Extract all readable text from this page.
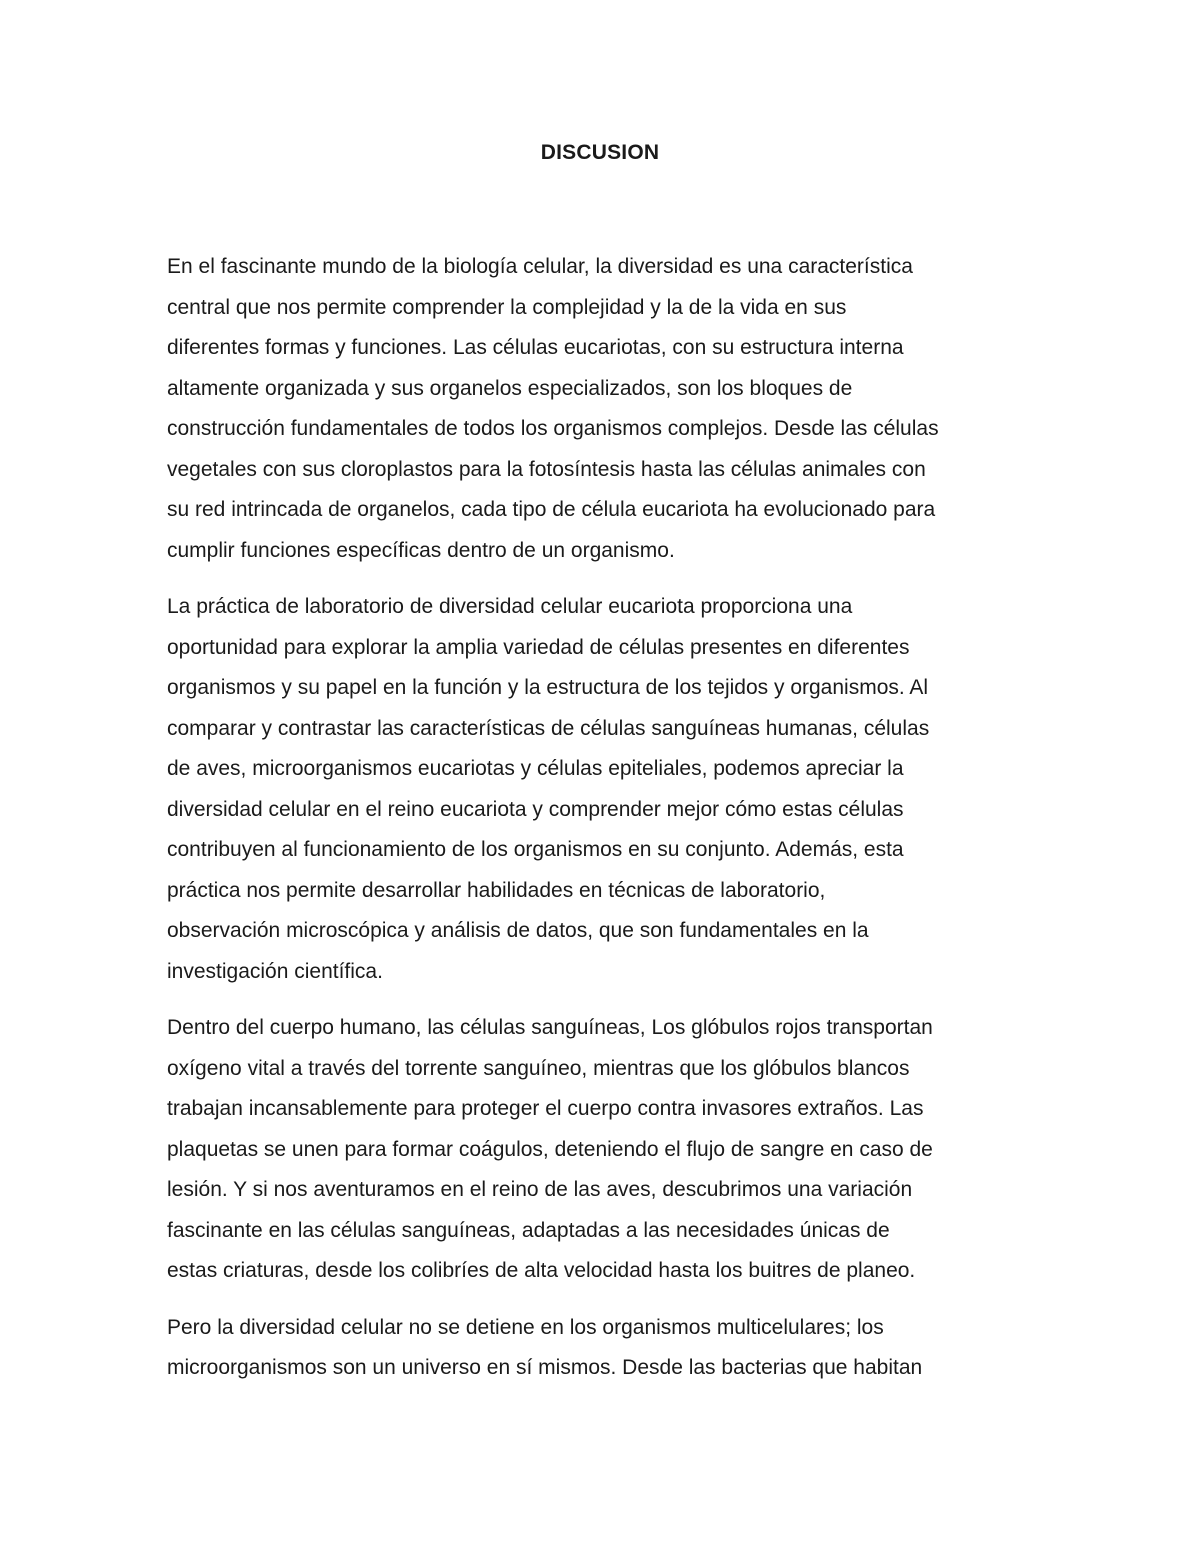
DISCUSION
En el fascinante mundo de la biología celular, la diversidad es una característica
central que nos permite comprender la complejidad y la de la vida en sus
diferentes formas y funciones. Las células eucariotas, con su estructura interna
altamente organizada y sus organelos especializados, son los bloques de
construcción fundamentales de todos los organismos complejos. Desde las células
vegetales con sus cloroplastos para la fotosíntesis hasta las células animales con
su red intrincada de organelos, cada tipo de célula eucariota ha evolucionado para
cumplir funciones específicas dentro de un organismo.
La práctica de laboratorio de diversidad celular eucariota proporciona una
oportunidad para explorar la amplia variedad de células presentes en diferentes
organismos y su papel en la función y la estructura de los tejidos y organismos. Al
comparar y contrastar las características de células sanguíneas humanas, células
de aves, microorganismos eucariotas y células epiteliales, podemos apreciar la
diversidad celular en el reino eucariota y comprender mejor cómo estas células
contribuyen al funcionamiento de los organismos en su conjunto. Además, esta
práctica nos permite desarrollar habilidades en técnicas de laboratorio,
observación microscópica y análisis de datos, que son fundamentales en la
investigación científica.
Dentro del cuerpo humano, las células sanguíneas, Los glóbulos rojos transportan
oxígeno vital a través del torrente sanguíneo, mientras que los glóbulos blancos
trabajan incansablemente para proteger el cuerpo contra invasores extraños. Las
plaquetas se unen para formar coágulos, deteniendo el flujo de sangre en caso de
lesión. Y si nos aventuramos en el reino de las aves, descubrimos una variación
fascinante en las células sanguíneas, adaptadas a las necesidades únicas de
estas criaturas, desde los colibríes de alta velocidad hasta los buitres de planeo.
Pero la diversidad celular no se detiene en los organismos multicelulares; los
microorganismos son un universo en sí mismos. Desde las bacterias que habitan
